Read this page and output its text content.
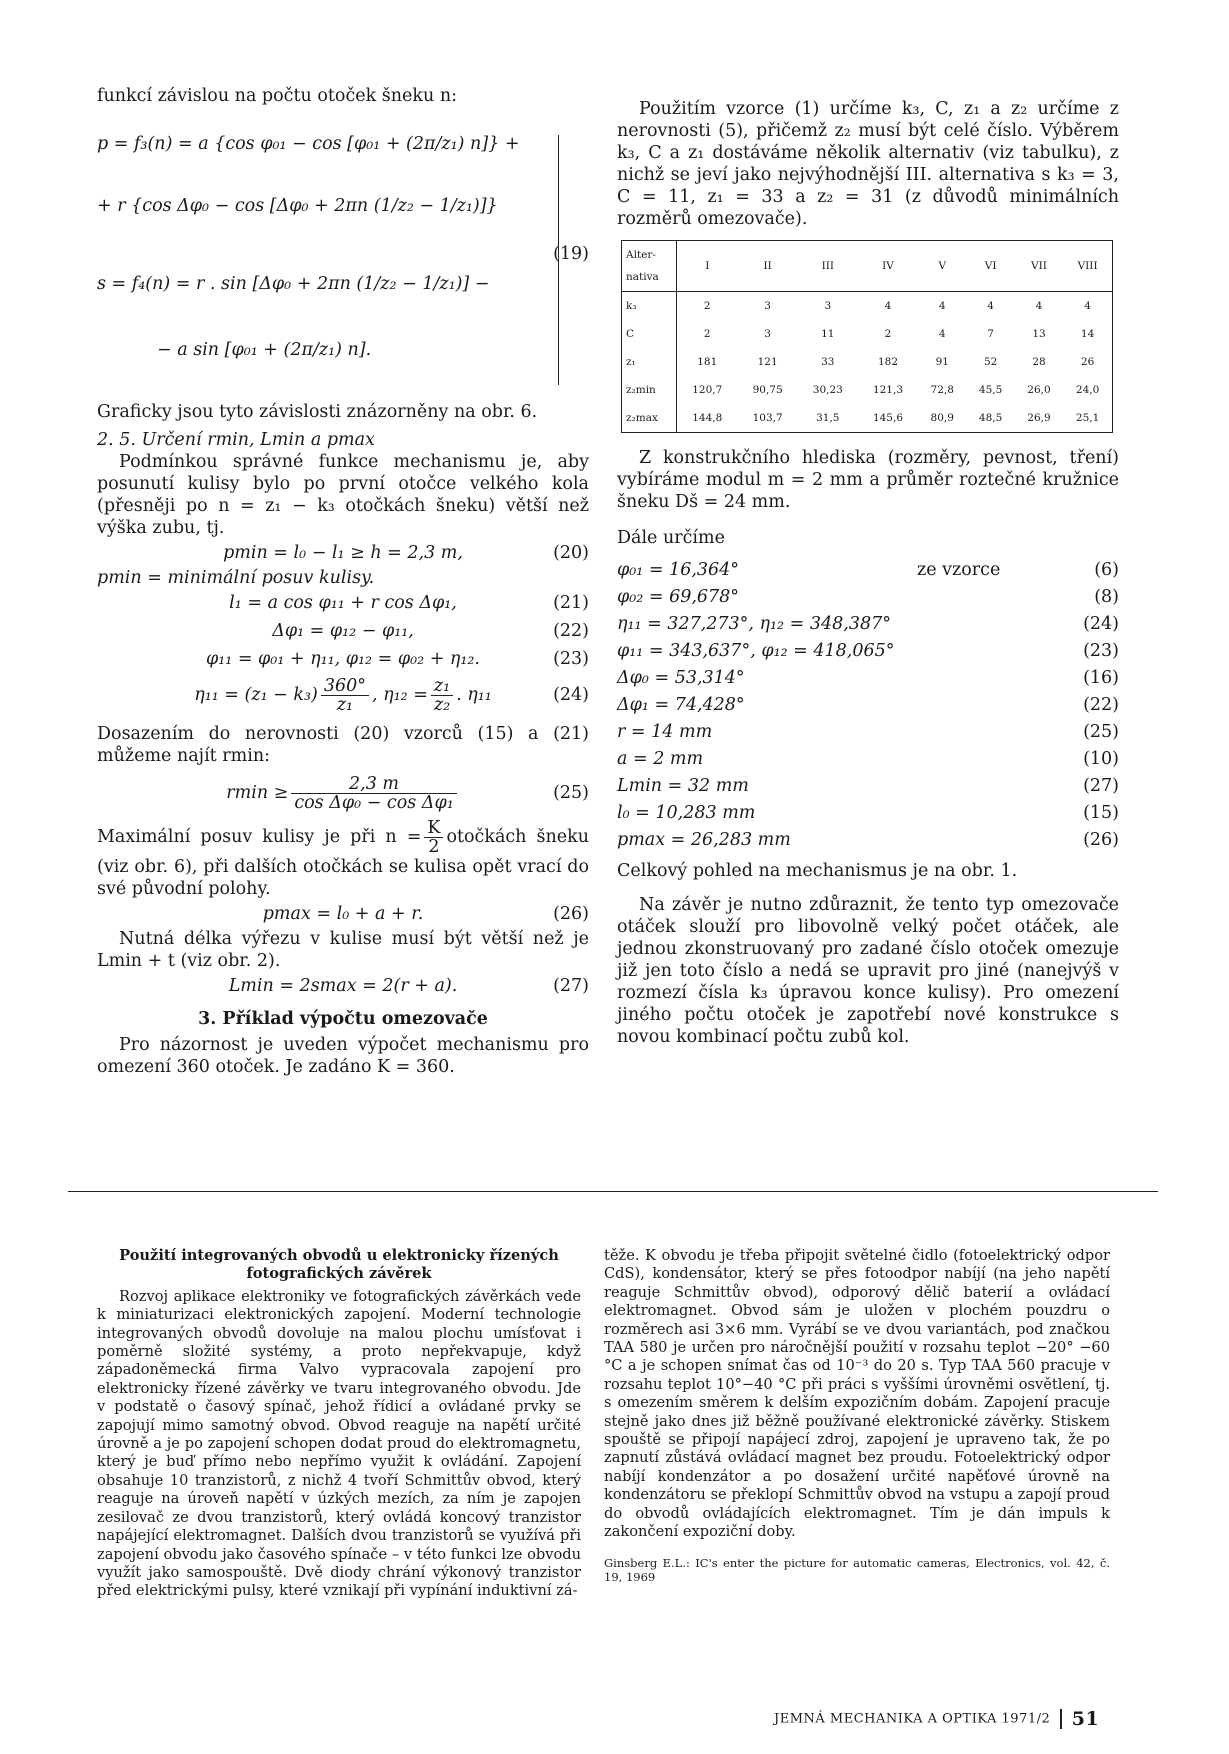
funkcí závislou na počtu otoček šneku n:

p = f₃(n) = a {cos φ₀₁ − cos [φ₀₁ + (2π/z₁) n]} +
+ r {cos Δφ₀ − cos [Δφ₀ + 2πn (1/z₂ − 1/z₁)]}
s = f₄(n) = r . sin [Δφ₀ + 2πn (1/z₂ − 1/z₁)] −
− a sin [φ₀₁ + (2π/z₁) n].
(19)

Graficky jsou tyto závislosti znázorněny na obr. 6.

2. 5. Určení rmin, Lmin a pmax

Podmínkou správné funkce mechanismu je, aby posunutí kulisy bylo po první otočce velkého kola (přesněji po n = z₁ − k₃ otočkách šneku) větší než výška zubu, tj.

pmin = l₀ − l₁ ≥ h = 2,3 m,	(20)

pmin = minimální posuv kulisy.

l₁ = a cos φ₁₁ + r cos Δφ₁,	(21)
Δφ₁ = φ₁₂ − φ₁₁,	(22)
φ₁₁ = φ₀₁ + η₁₁, φ₁₂ = φ₀₂ + η₁₂.	(23)
$\eta_{11} = (z_1 - k_3) \frac{360^\circ}{\text{z₁}}$ , $\eta_{12} = \frac{\text{z₁}}{\text{z₂}}$ . η₁₁	(24)

Dosazením do nerovnosti (20) vzorců (15) a (21) můžeme najít rmin:

$rmin \ge \frac{2,3 m}{\text{cos Δφ₀ − cos Δφ₁}}$	(25)

Maximální posuv kulisy je při $n = \frac{K}{2}$ otočkách šneku (viz obr. 6), při dalších otočkách se kulisa opět vrací do své původní polohy.

pmax = l₀ + a + r.	(26)

Nutná délka výřezu v kulise musí být větší než je Lmin + t (viz obr. 2).

Lmin = 2smax = 2(r + a).	(27)

3. Příklad výpočtu omezovače

Pro názornost je uveden výpočet mechanismu pro omezení 360 otoček. Je zadáno K = 360.

Použitím vzorce (1) určíme k₃, C, z₁ a z₂ určíme z nerovnosti (5), přičemž z₂ musí být celé číslo. Výběrem k₃, C a z₁ dostáváme několik alternativ (viz tabulku), z nichž se jeví jako nejvýhodnější III. alternativa s k₃ = 3, C = 11, z₁ = 33 a z₂ = 31 (z důvodů minimálních rozměrů omezovače).

Alter-nativa	I	II	III	IV	V	VI	VII	VIII
k₃	2	3	3	4	4	4	4	4
C	2	3	11	2	4	7	13	14
z₁	181	121	33	182	91	52	28	26
z₂min	120,7	90,75	30,23	121,3	72,8	45,5	26,0	24,0
z₂max	144,8	103,7	31,5	145,6	80,9	48,5	26,9	25,1

Z konstrukčního hlediska (rozměry, pevnost, tření) vybíráme modul m = 2 mm a průměr roztečné kružnice šneku Dš = 24 mm.

Dále určíme

φ₀₁ = 16,364°	ze vzorce	(6)
φ₀₂ = 69,678°	(8)
η₁₁ = 327,273°, η₁₂ = 348,387°	(24)
φ₁₁ = 343,637°, φ₁₂ = 418,065°	(23)
Δφ₀ = 53,314°	(16)
Δφ₁ = 74,428°	(22)
r = 14 mm	(25)
a = 2 mm	(10)
Lmin = 32 mm	(27)
l₀ = 10,283 mm	(15)
pmax = 26,283 mm	(26)

Celkový pohled na mechanismus je na obr. 1.

Na závěr je nutno zdůraznit, že tento typ omezovače otáček slouží pro libovolně velký počet otáček, ale jednou zkonstruovaný pro zadané číslo otoček omezuje již jen toto číslo a nedá se upravit pro jiné (nanejvýš v rozmezí čísla k₃ úpravou konce kulisy). Pro omezení jiného počtu otoček je zapotřebí nové konstrukce s novou kombinací počtu zubů kol.

Použití integrovaných obvodů u elektronicky řízených fotografických závěrek

Rozvoj aplikace elektroniky ve fotografických závěrkách vede k miniaturizaci elektronických zapojení. Moderní technologie integrovaných obvodů dovoluje na malou plochu umísťovat i poměrně složité systémy, a proto nepřekvapuje, když západoněmecká firma Valvo vypracovala zapojení pro elektronicky řízené závěrky ve tvaru integrovaného obvodu. Jde v podstatě o časový spínač, jehož řídicí a ovládané prvky se zapojují mimo samotný obvod. Obvod reaguje na napětí určité úrovně a je po zapojení schopen dodat proud do elektromagnetu, který je buď přímo nebo nepřímo využit k ovládání. Zapojení obsahuje 10 tranzistorů, z nichž 4 tvoří Schmittův obvod, který reaguje na úroveň napětí v úzkých mezích, za ním je zapojen zesilovač ze dvou tranzistorů, který ovládá koncový tranzistor napájející elektromagnet. Dalších dvou tranzistorů se využívá při zapojení obvodu jako časového spínače – v této funkci lze obvodu využít jako samospouště. Dvě diody chrání výkonový tranzistor před elektrickými pulsy, které vznikají při vypínání induktivní zá-

těže. K obvodu je třeba připojit světelné čidlo (fotoelektrický odpor CdS), kondensátor, který se přes fotoodpor nabíjí (na jeho napětí reaguje Schmittův obvod), odporový dělič baterií a ovládací elektromagnet. Obvod sám je uložen v plochém pouzdru o rozměrech asi 3×6 mm. Vyrábí se ve dvou variantách, pod značkou TAA 580 je určen pro náročnější použití v rozsahu teplot −20° −60 °C a je schopen snímat čas od 10⁻³ do 20 s. Typ TAA 560 pracuje v rozsahu teplot 10°−40 °C při práci s vyššími úrovněmi osvětlení, tj. s omezením směrem k delším expozičním dobám. Zapojení pracuje stejně jako dnes již běžně používané elektronické závěrky. Stiskem spouště se připojí napájecí zdroj, zapojení je upraveno tak, že po zapnutí zůstává ovládací magnet bez proudu. Fotoelektrický odpor nabíjí kondenzátor a po dosažení určité napěťové úrovně na kondenzátoru se překlopí Schmittův obvod na vstupu a zapojí proud do obvodů ovládajících elektromagnet. Tím je dán impuls k zakončení expoziční doby.

Ginsberg E.L.: IC's enter the picture for automatic cameras, Electronics, vol. 42, č. 19, 1969

JEMNÁ MECHANIKA A OPTIKA 1971/2 51
